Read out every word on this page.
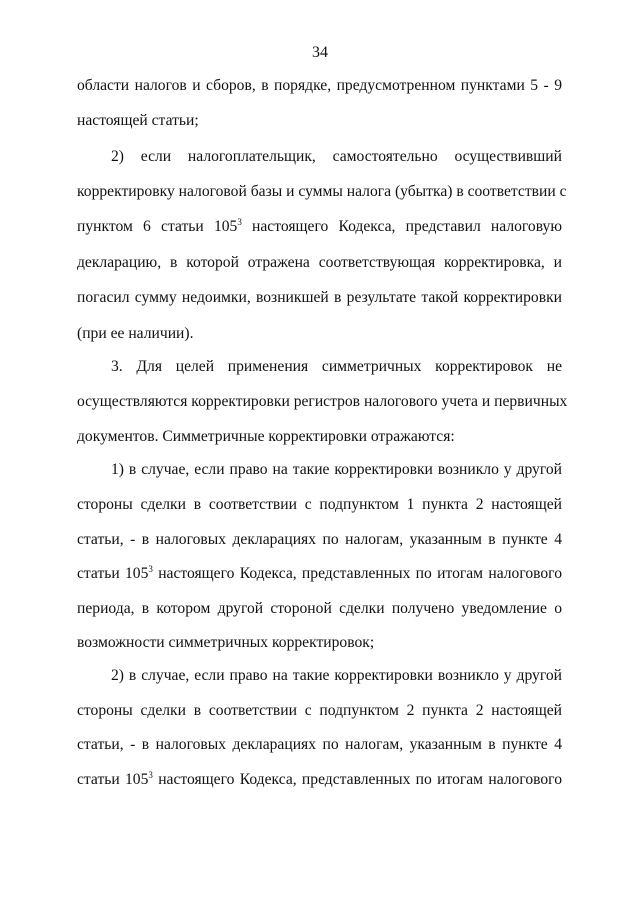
34
области налогов и сборов, в порядке, предусмотренном пунктами 5 - 9
настоящей статьи;
2) если налогоплательщик, самостоятельно осуществивший
корректировку налоговой базы и суммы налога (убытка) в соответствии с
пунктом 6 статьи $105^3$ настоящего Кодекса, представил налоговую
декларацию, в которой отражена соответствующая корректировка, и
погасил сумму недоимки, возникшей в результате такой корректировки
(при ее наличии).
3. Для целей применения симметричных корректировок не
осуществляются корректировки регистров налогового учета и первичных
документов. Симметричные корректировки отражаются:
1) в случае, если право на такие корректировки возникло у другой
стороны сделки в соответствии с подпунктом 1 пункта 2 настоящей
статьи, - в налоговых декларациях по налогам, указанным в пункте 4
статьи $105^3$ настоящего Кодекса, представленных по итогам налогового
периода, в котором другой стороной сделки получено уведомление о
возможности симметричных корректировок;
2) в случае, если право на такие корректировки возникло у другой
стороны сделки в соответствии с подпунктом 2 пункта 2 настоящей
статьи, - в налоговых декларациях по налогам, указанным в пункте 4
статьи $105^3$ настоящего Кодекса, представленных по итогам налогового
